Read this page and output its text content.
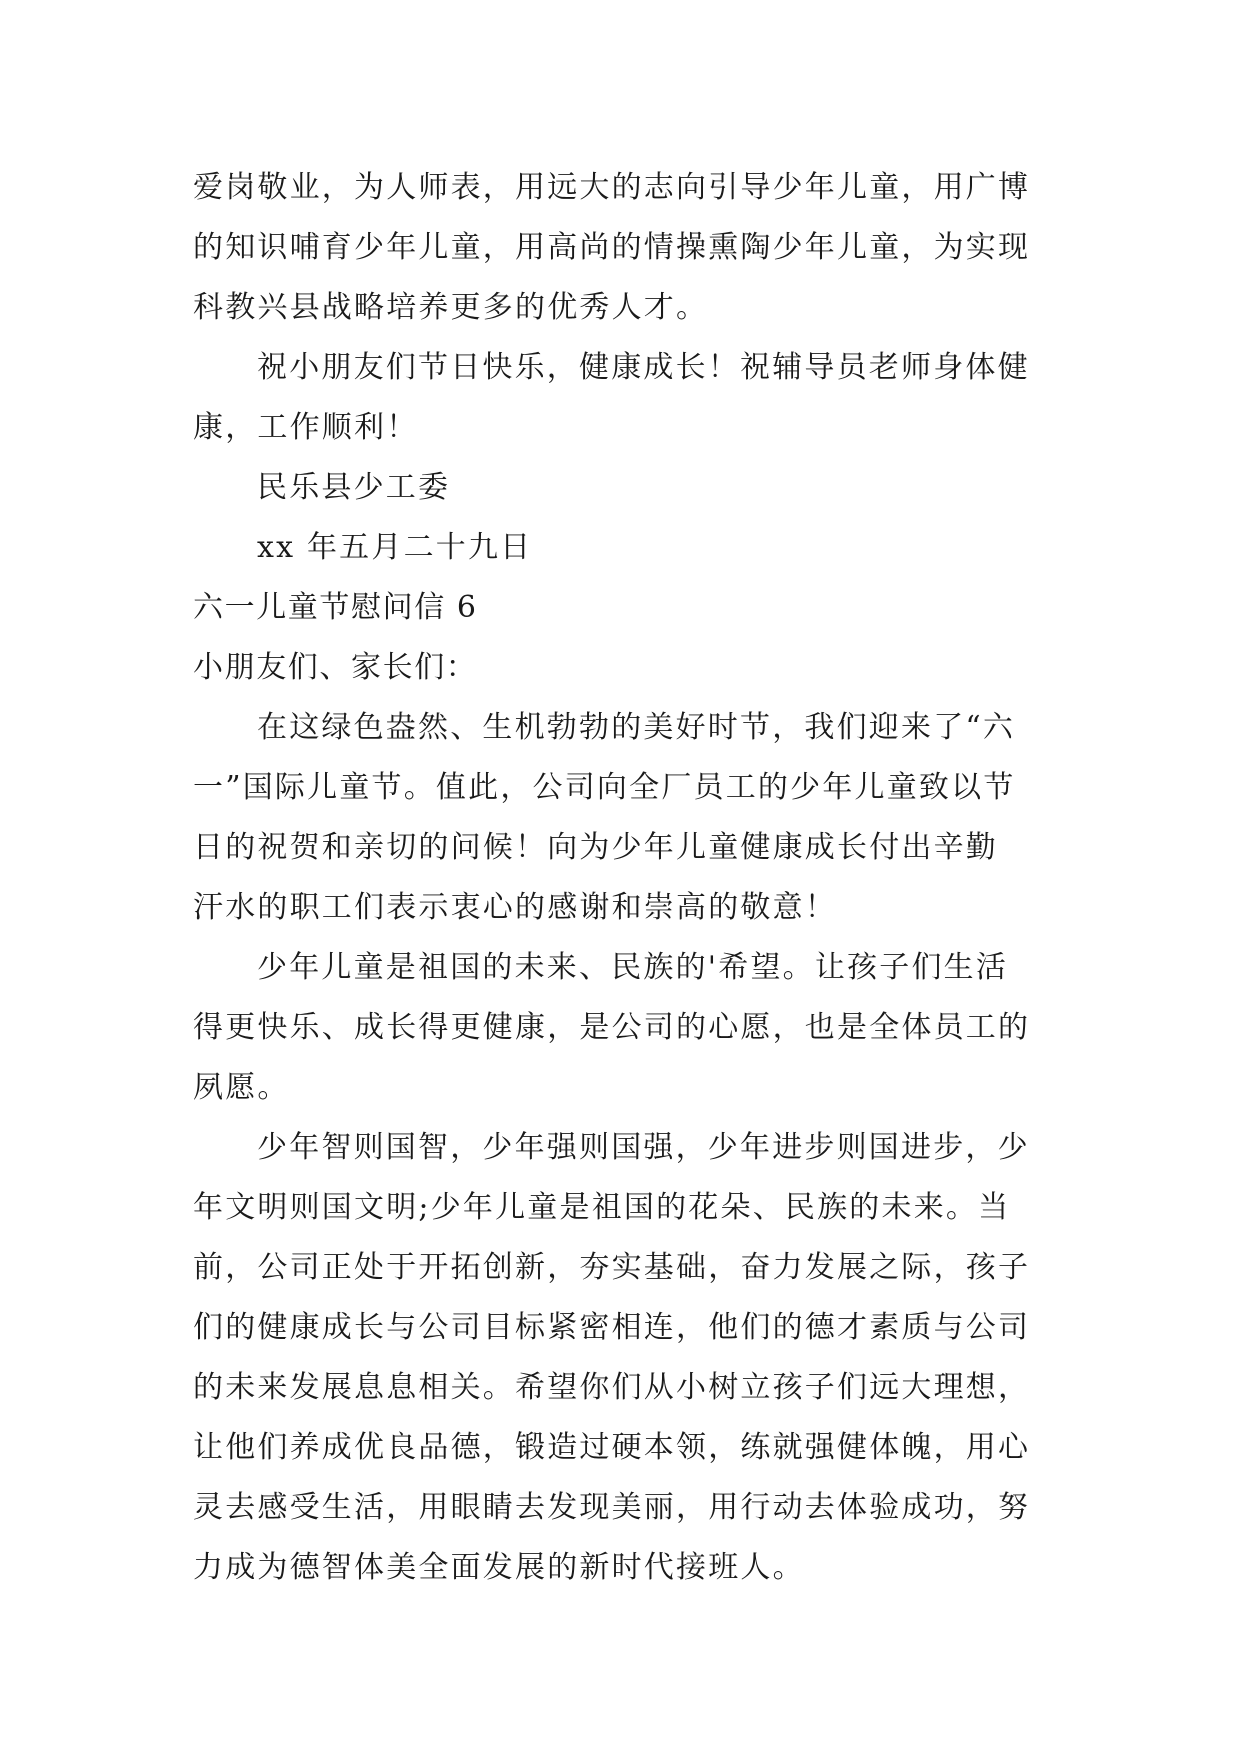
爱岗敬业，为人师表，用远大的志向引导少年儿童，用广博
的知识哺育少年儿童，用高尚的情操熏陶少年儿童，为实现
科教兴县战略培养更多的优秀人才。
祝小朋友们节日快乐，健康成长！祝辅导员老师身体健
康，工作顺利！
民乐县少工委
xx 年五月二十九日
六一儿童节慰问信 6
小朋友们、家长们：
在这绿色盎然、生机勃勃的美好时节，我们迎来了“六
一”国际儿童节。值此，公司向全厂员工的少年儿童致以节
日的祝贺和亲切的问候！向为少年儿童健康成长付出辛勤
汗水的职工们表示衷心的感谢和崇高的敬意！
少年儿童是祖国的未来、民族的'希望。让孩子们生活
得更快乐、成长得更健康，是公司的心愿，也是全体员工的
夙愿。
少年智则国智，少年强则国强，少年进步则国进步，少
年文明则国文明;少年儿童是祖国的花朵、民族的未来。当
前，公司正处于开拓创新，夯实基础，奋力发展之际，孩子
们的健康成长与公司目标紧密相连，他们的德才素质与公司
的未来发展息息相关。希望你们从小树立孩子们远大理想，
让他们养成优良品德，锻造过硬本领，练就强健体魄，用心
灵去感受生活，用眼睛去发现美丽，用行动去体验成功，努
力成为德智体美全面发展的新时代接班人。
